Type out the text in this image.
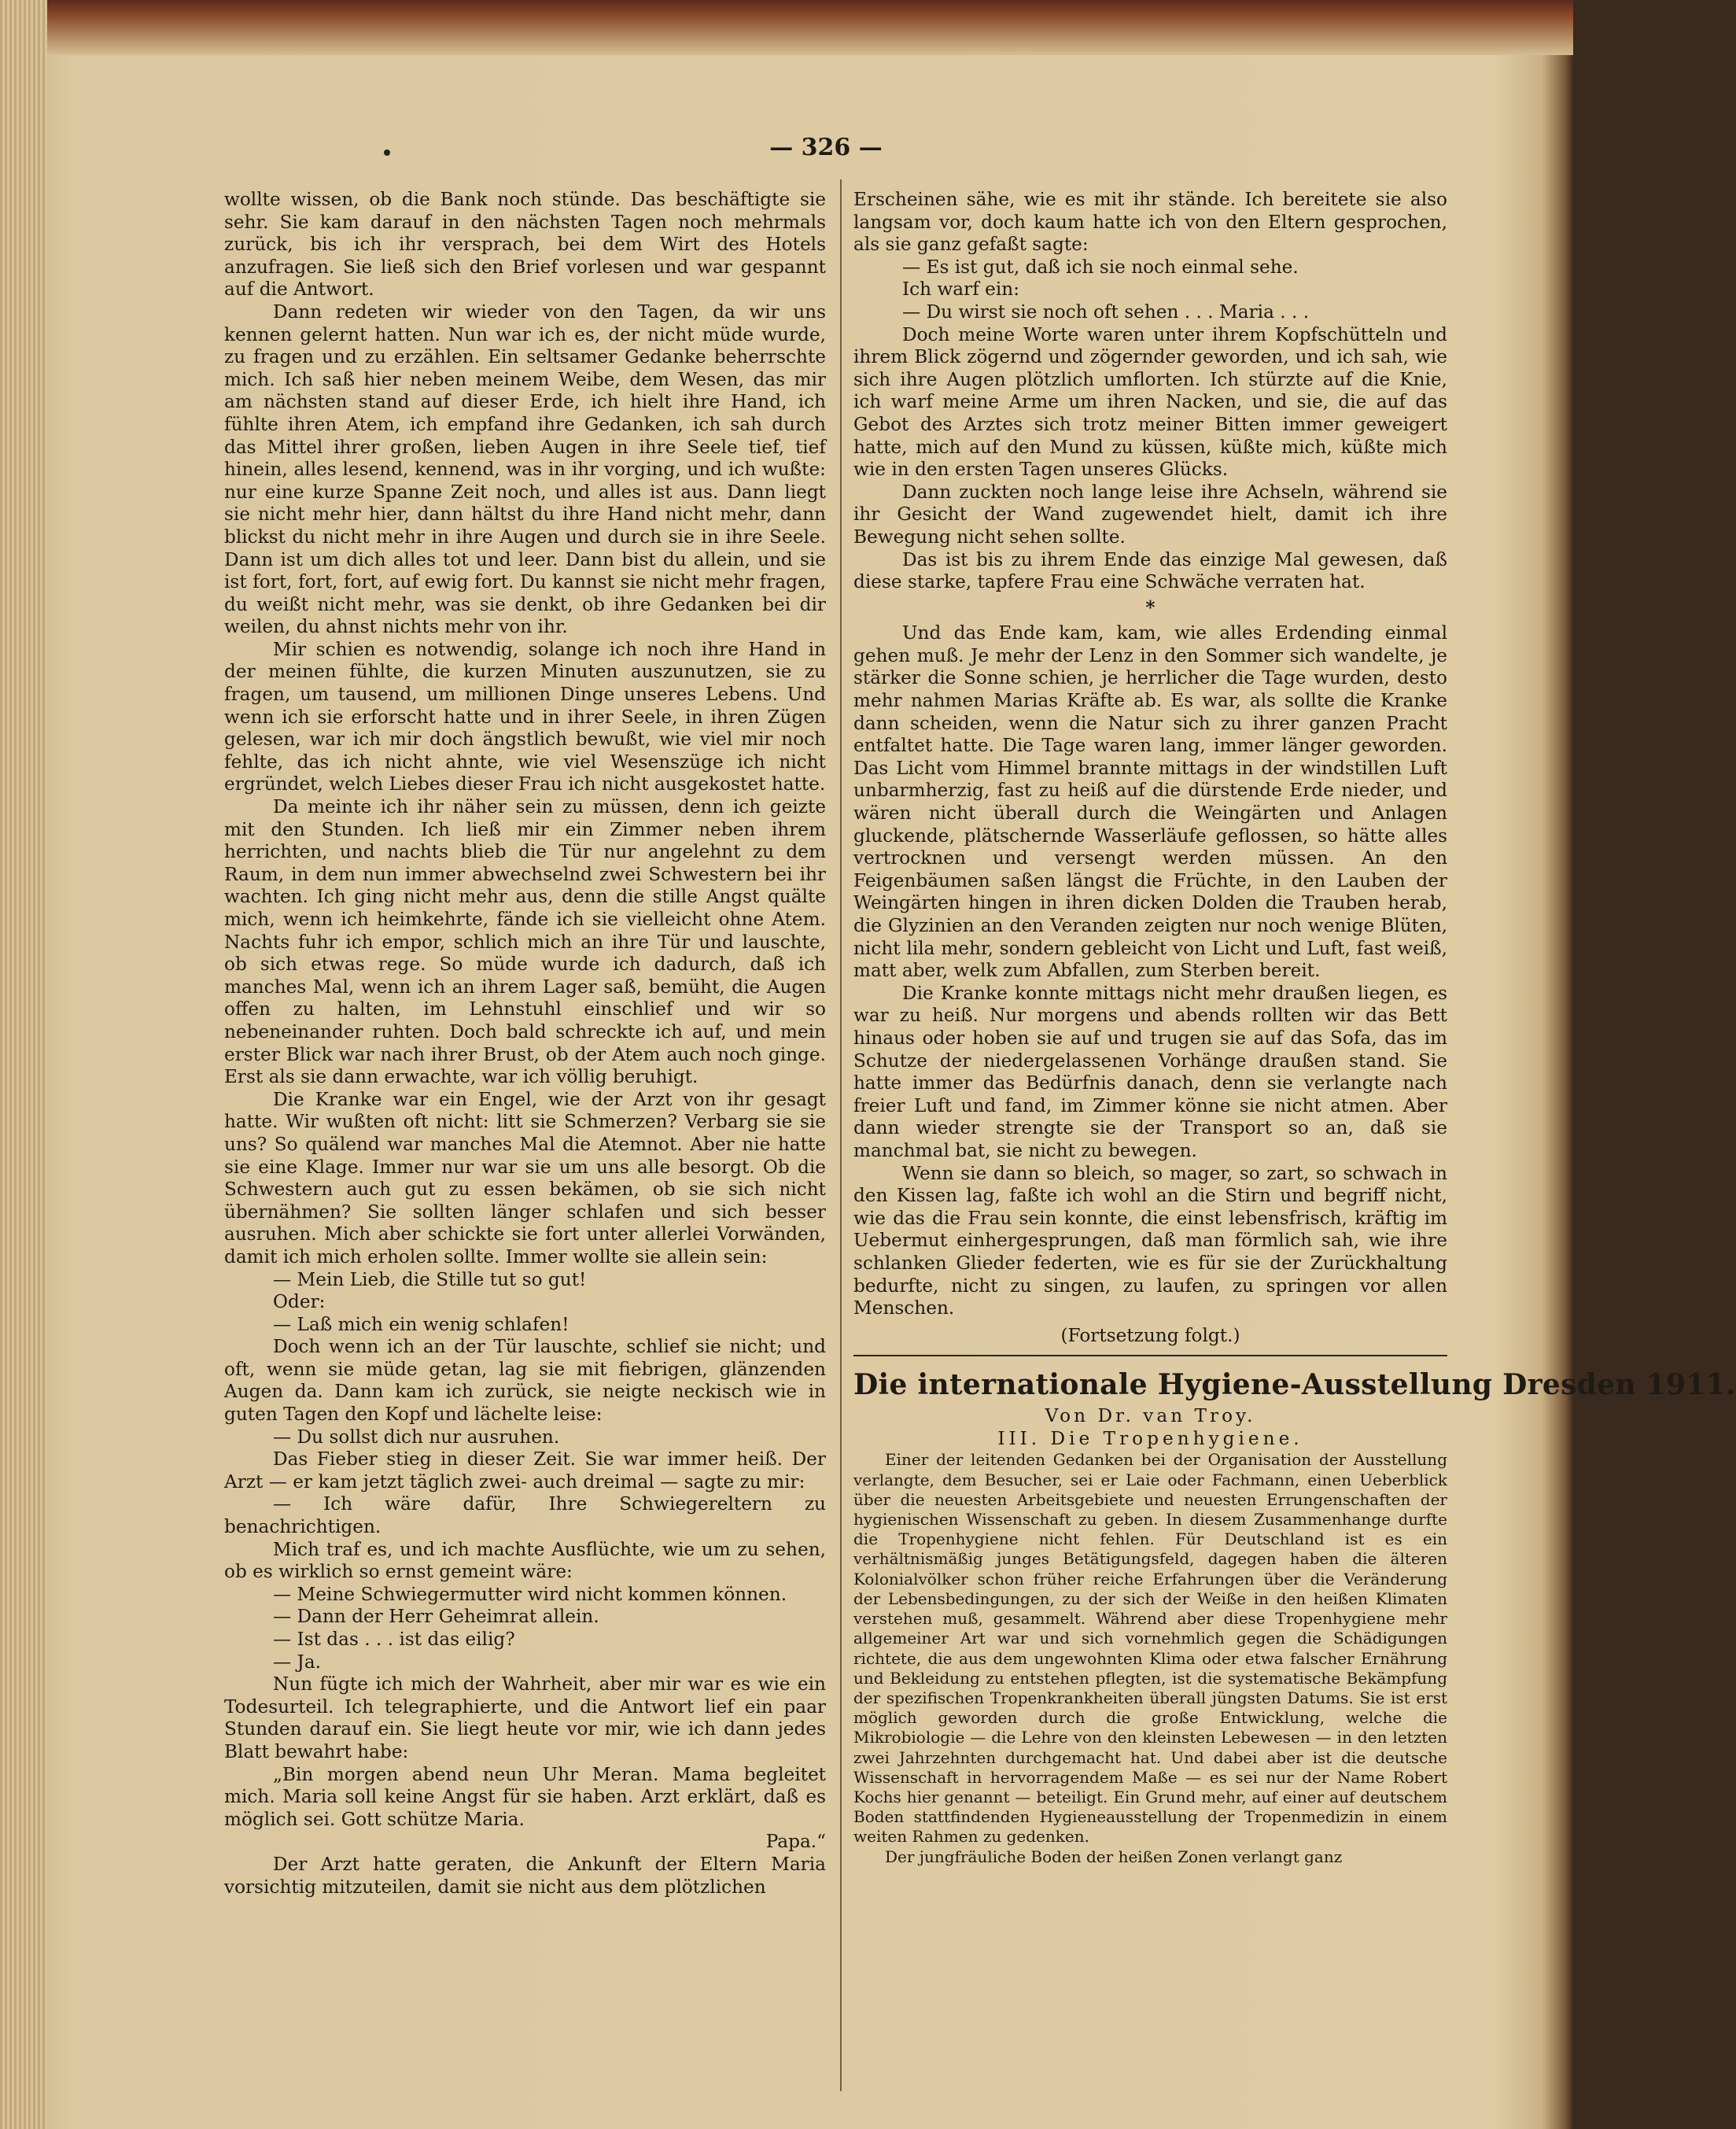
— 326 —

wollte wissen, ob die Bank noch stünde. Das beschäftigte sie sehr. Sie kam darauf in den nächsten Tagen noch mehrmals zurück, bis ich ihr versprach, bei dem Wirt des Hotels anzufragen. Sie ließ sich den Brief vorlesen und war gespannt auf die Antwort.

Dann redeten wir wieder von den Tagen, da wir uns kennen gelernt hatten. Nun war ich es, der nicht müde wurde, zu fragen und zu erzählen. Ein seltsamer Gedanke beherrschte mich. Ich saß hier neben meinem Weibe, dem Wesen, das mir am nächsten stand auf dieser Erde, ich hielt ihre Hand, ich fühlte ihren Atem, ich empfand ihre Gedanken, ich sah durch das Mittel ihrer großen, lieben Augen in ihre Seele tief, tief hinein, alles lesend, kennend, was in ihr vorging, und ich wußte: nur eine kurze Spanne Zeit noch, und alles ist aus. Dann liegt sie nicht mehr hier, dann hältst du ihre Hand nicht mehr, dann blickst du nicht mehr in ihre Augen und durch sie in ihre Seele. Dann ist um dich alles tot und leer. Dann bist du allein, und sie ist fort, fort, fort, auf ewig fort. Du kannst sie nicht mehr fragen, du weißt nicht mehr, was sie denkt, ob ihre Gedanken bei dir weilen, du ahnst nichts mehr von ihr.

Mir schien es notwendig, solange ich noch ihre Hand in der meinen fühlte, die kurzen Minuten auszunutzen, sie zu fragen, um tausend, um millionen Dinge unseres Lebens. Und wenn ich sie erforscht hatte und in ihrer Seele, in ihren Zügen gelesen, war ich mir doch ängstlich bewußt, wie viel mir noch fehlte, das ich nicht ahnte, wie viel Wesenszüge ich nicht ergründet, welch Liebes dieser Frau ich nicht ausgekostet hatte.

Da meinte ich ihr näher sein zu müssen, denn ich geizte mit den Stunden. Ich ließ mir ein Zimmer neben ihrem herrichten, und nachts blieb die Tür nur angelehnt zu dem Raum, in dem nun immer abwechselnd zwei Schwestern bei ihr wachten. Ich ging nicht mehr aus, denn die stille Angst quälte mich, wenn ich heimkehrte, fände ich sie vielleicht ohne Atem. Nachts fuhr ich empor, schlich mich an ihre Tür und lauschte, ob sich etwas rege. So müde wurde ich dadurch, daß ich manches Mal, wenn ich an ihrem Lager saß, bemüht, die Augen offen zu halten, im Lehnstuhl einschlief und wir so nebeneinander ruhten. Doch bald schreckte ich auf, und mein erster Blick war nach ihrer Brust, ob der Atem auch noch ginge. Erst als sie dann erwachte, war ich völlig beruhigt.

Die Kranke war ein Engel, wie der Arzt von ihr gesagt hatte. Wir wußten oft nicht: litt sie Schmerzen? Verbarg sie sie uns? So quälend war manches Mal die Atemnot. Aber nie hatte sie eine Klage. Immer nur war sie um uns alle besorgt. Ob die Schwestern auch gut zu essen bekämen, ob sie sich nicht übernähmen? Sie sollten länger schlafen und sich besser ausruhen. Mich aber schickte sie fort unter allerlei Vorwänden, damit ich mich erholen sollte. Immer wollte sie allein sein:

— Mein Lieb, die Stille tut so gut!

Oder:

— Laß mich ein wenig schlafen!

Doch wenn ich an der Tür lauschte, schlief sie nicht; und oft, wenn sie müde getan, lag sie mit fiebrigen, glänzenden Augen da. Dann kam ich zurück, sie neigte neckisch wie in guten Tagen den Kopf und lächelte leise:

— Du sollst dich nur ausruhen.

Das Fieber stieg in dieser Zeit. Sie war immer heiß. Der Arzt — er kam jetzt täglich zwei- auch dreimal — sagte zu mir:

— Ich wäre dafür, Ihre Schwiegereltern zu benachrichtigen.

Mich traf es, und ich machte Ausflüchte, wie um zu sehen, ob es wirklich so ernst gemeint wäre:

— Meine Schwiegermutter wird nicht kommen können.

— Dann der Herr Geheimrat allein.

— Ist das . . . ist das eilig?

— Ja.

Nun fügte ich mich der Wahrheit, aber mir war es wie ein Todesurteil. Ich telegraphierte, und die Antwort lief ein paar Stunden darauf ein. Sie liegt heute vor mir, wie ich dann jedes Blatt bewahrt habe:

„Bin morgen abend neun Uhr Meran. Mama begleitet mich. Maria soll keine Angst für sie haben. Arzt erklärt, daß es möglich sei. Gott schütze Maria.

Papa.“

Der Arzt hatte geraten, die Ankunft der Eltern Maria vorsichtig mitzuteilen, damit sie nicht aus dem plötzlichen

Erscheinen sähe, wie es mit ihr stände. Ich bereitete sie also langsam vor, doch kaum hatte ich von den Eltern gesprochen, als sie ganz gefaßt sagte:

— Es ist gut, daß ich sie noch einmal sehe.

Ich warf ein:

— Du wirst sie noch oft sehen . . . Maria . . .

Doch meine Worte waren unter ihrem Kopfschütteln und ihrem Blick zögernd und zögernder geworden, und ich sah, wie sich ihre Augen plötzlich umflorten. Ich stürzte auf die Knie, ich warf meine Arme um ihren Nacken, und sie, die auf das Gebot des Arztes sich trotz meiner Bitten immer geweigert hatte, mich auf den Mund zu küssen, küßte mich, küßte mich wie in den ersten Tagen unseres Glücks.

Dann zuckten noch lange leise ihre Achseln, während sie ihr Gesicht der Wand zugewendet hielt, damit ich ihre Bewegung nicht sehen sollte.

Das ist bis zu ihrem Ende das einzige Mal gewesen, daß diese starke, tapfere Frau eine Schwäche verraten hat.

*

Und das Ende kam, kam, wie alles Erdending einmal gehen muß. Je mehr der Lenz in den Sommer sich wandelte, je stärker die Sonne schien, je herrlicher die Tage wurden, desto mehr nahmen Marias Kräfte ab. Es war, als sollte die Kranke dann scheiden, wenn die Natur sich zu ihrer ganzen Pracht entfaltet hatte. Die Tage waren lang, immer länger geworden. Das Licht vom Himmel brannte mittags in der windstillen Luft unbarmherzig, fast zu heiß auf die dürstende Erde nieder, und wären nicht überall durch die Weingärten und Anlagen gluckende, plätschernde Wasserläufe geflossen, so hätte alles vertrocknen und versengt werden müssen. An den Feigenbäumen saßen längst die Früchte, in den Lauben der Weingärten hingen in ihren dicken Dolden die Trauben herab, die Glyzinien an den Veranden zeigten nur noch wenige Blüten, nicht lila mehr, sondern gebleicht von Licht und Luft, fast weiß, matt aber, welk zum Abfallen, zum Sterben bereit.

Die Kranke konnte mittags nicht mehr draußen liegen, es war zu heiß. Nur morgens und abends rollten wir das Bett hinaus oder hoben sie auf und trugen sie auf das Sofa, das im Schutze der niedergelassenen Vorhänge draußen stand. Sie hatte immer das Bedürfnis danach, denn sie verlangte nach freier Luft und fand, im Zimmer könne sie nicht atmen. Aber dann wieder strengte sie der Transport so an, daß sie manchmal bat, sie nicht zu bewegen.

Wenn sie dann so bleich, so mager, so zart, so schwach in den Kissen lag, faßte ich wohl an die Stirn und begriff nicht, wie das die Frau sein konnte, die einst lebensfrisch, kräftig im Uebermut einhergesprungen, daß man förmlich sah, wie ihre schlanken Glieder federten, wie es für sie der Zurückhaltung bedurfte, nicht zu singen, zu laufen, zu springen vor allen Menschen.

(Fortsetzung folgt.)

Die internationale Hygiene-Ausstellung Dresden 1911.

Von Dr. van Troy.

III. Die Tropenhygiene.

Einer der leitenden Gedanken bei der Organisation der Ausstellung verlangte, dem Besucher, sei er Laie oder Fachmann, einen Ueberblick über die neuesten Arbeitsgebiete und neuesten Errungenschaften der hygienischen Wissenschaft zu geben. In diesem Zusammenhange durfte die Tropenhygiene nicht fehlen. Für Deutschland ist es ein verhältnismäßig junges Betätigungsfeld, dagegen haben die älteren Kolonialvölker schon früher reiche Erfahrungen über die Veränderung der Lebensbedingungen, zu der sich der Weiße in den heißen Klimaten verstehen muß, gesammelt. Während aber diese Tropenhygiene mehr allgemeiner Art war und sich vornehmlich gegen die Schädigungen richtete, die aus dem ungewohnten Klima oder etwa falscher Ernährung und Bekleidung zu entstehen pflegten, ist die systematische Bekämpfung der spezifischen Tropenkrankheiten überall jüngsten Datums. Sie ist erst möglich geworden durch die große Entwicklung, welche die Mikrobiologie — die Lehre von den kleinsten Lebewesen — in den letzten zwei Jahrzehnten durchgemacht hat. Und dabei aber ist die deutsche Wissenschaft in hervorragendem Maße — es sei nur der Name Robert Kochs hier genannt — beteiligt. Ein Grund mehr, auf einer auf deutschem Boden stattfindenden Hygieneausstellung der Tropenmedizin in einem weiten Rahmen zu gedenken.

Der jungfräuliche Boden der heißen Zonen verlangt ganz
